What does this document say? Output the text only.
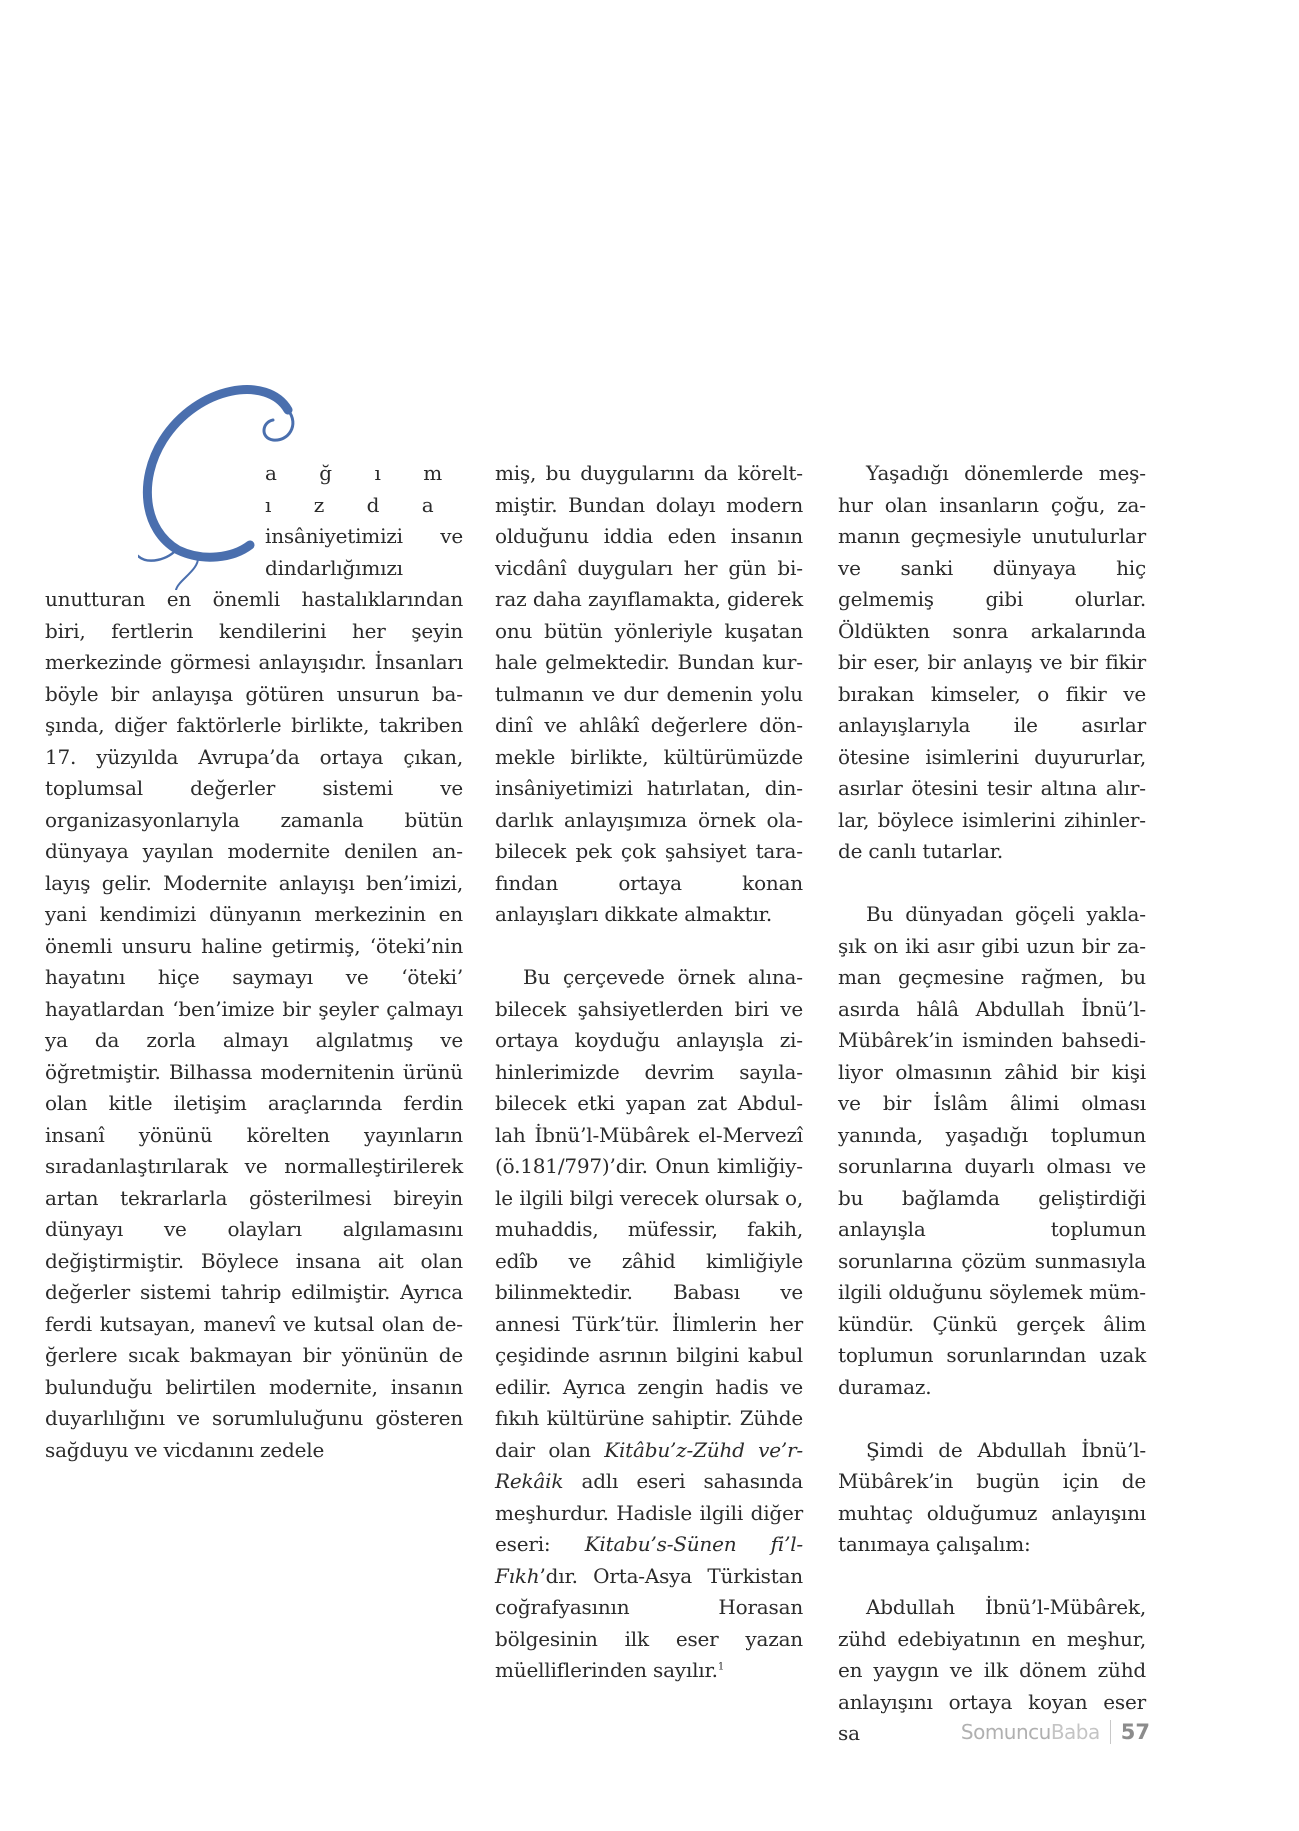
Ç

a ğ ı m ı z d a

insâniyetimizi ve dindarlığımızı

unutturan en önemli hastalıklarından biri, fertlerin kendilerini her şeyin merkezinde görmesi anlayışıdır. İnsanları böyle bir anlayışa götüren unsurun başında, diğer faktörlerle birlikte, takriben 17. yüzyılda Avrupa’da ortaya çıkan, toplumsal değerler sistemi ve organizasyonlarıyla zamanla bütün dünyaya yayılan modernite denilen anlayış gelir. Modernite anlayışı ben’imizi, yani kendimizi dünyanın merkezinin en önemli unsuru haline getirmiş, ‘öteki’nin hayatını hiçe saymayı ve ‘öteki’ hayatlardan ‘ben’imize bir şeyler çalmayı ya da zorla almayı algılatmış ve öğretmiştir. Bilhassa modernitenin ürünü olan kitle iletişim araçlarında ferdin insanî yönünü körelten yayınların sıradanlaştırılarak ve normalleştirilerek artan tekrarlarla gösterilmesi bireyin dünyayı ve olayları algılamasını değiştirmiştir. Böylece insana ait olan değerler sistemi tahrip edilmiştir. Ayrıca ferdi kutsayan, manevî ve kutsal olan değerlere sıcak bakmayan bir yönünün de bulunduğu belirtilen modernite, insanın duyarlılığını ve sorumluluğunu gösteren sağduyu ve vicdanını zedele

miş, bu duygularını da köreltmiştir. Bundan dolayı modern olduğunu iddia eden insanın vicdânî duyguları her gün biraz daha zayıflamakta, giderek onu bütün yönleriyle kuşatan hale gelmektedir. Bundan kurtulmanın ve dur demenin yolu dinî ve ahlâkî değerlere dönmekle birlikte, kültürümüzde insâniyetimizi hatırlatan, dindarlık anlayışımıza örnek olabilecek pek çok şahsiyet tarafından ortaya konan anlayışları dikkate almaktır.

Bu çerçevede örnek alınabilecek şahsiyetlerden biri ve ortaya koyduğu anlayışla zihinlerimizde devrim sayılabilecek etki yapan zat Abdullah İbnü’l-Mübârek el-Mervezî (ö.181/797)’dir. Onun kimliğiyle ilgili bilgi verecek olursak o, muhaddis, müfessir, fakih, edîb ve zâhid kimliğiyle bilinmektedir. Babası ve annesi Türk’tür. İlimlerin her çeşidinde asrının bilgini kabul edilir. Ayrıca zengin hadis ve fıkıh kültürüne sahiptir. Zühde dair olan Kitâbu’z-Zühd ve’r-Rekâik adlı eseri sahasında meşhurdur. Hadisle ilgili diğer eseri: Kitabu’s-Sünen fi’l-Fıkh’dır. Orta-Asya Türkistan coğrafyasının Horasan bölgesinin ilk eser yazan müelliflerinden sayılır.$^1$

Yaşadığı dönemlerde meşhur olan insanların çoğu, zamanın geçmesiyle unutulurlar ve sanki dünyaya hiç gelmemiş gibi olurlar. Öldükten sonra arkalarında bir eser, bir anlayış ve bir fikir bırakan kimseler, o fikir ve anlayışlarıyla ile asırlar ötesine isimlerini duyururlar, asırlar ötesini tesir altına alırlar, böylece isimlerini zihinlerde canlı tutarlar.

Bu dünyadan göçeli yaklaşık on iki asır gibi uzun bir zaman geçmesine rağmen, bu asırda hâlâ Abdullah İbnü’l-Mübârek’in isminden bahsediliyor olmasının zâhid bir kişi ve bir İslâm âlimi olması yanında, yaşadığı toplumun sorunlarına duyarlı olması ve bu bağlamda geliştirdiği anlayışla toplumun sorunlarına çözüm sunmasıyla ilgili olduğunu söylemek mümkündür. Çünkü gerçek âlim toplumun sorunlarından uzak duramaz.

Şimdi de Abdullah İbnü’l-Mübârek’in bugün için de muhtaç olduğumuz anlayışını tanımaya çalışalım:

Abdullah İbnü’l-Mübârek, zühd edebiyatının en meşhur, en yaygın ve ilk dönem zühd anlayışını ortaya koyan eser sa	Somuncu Baba 57
